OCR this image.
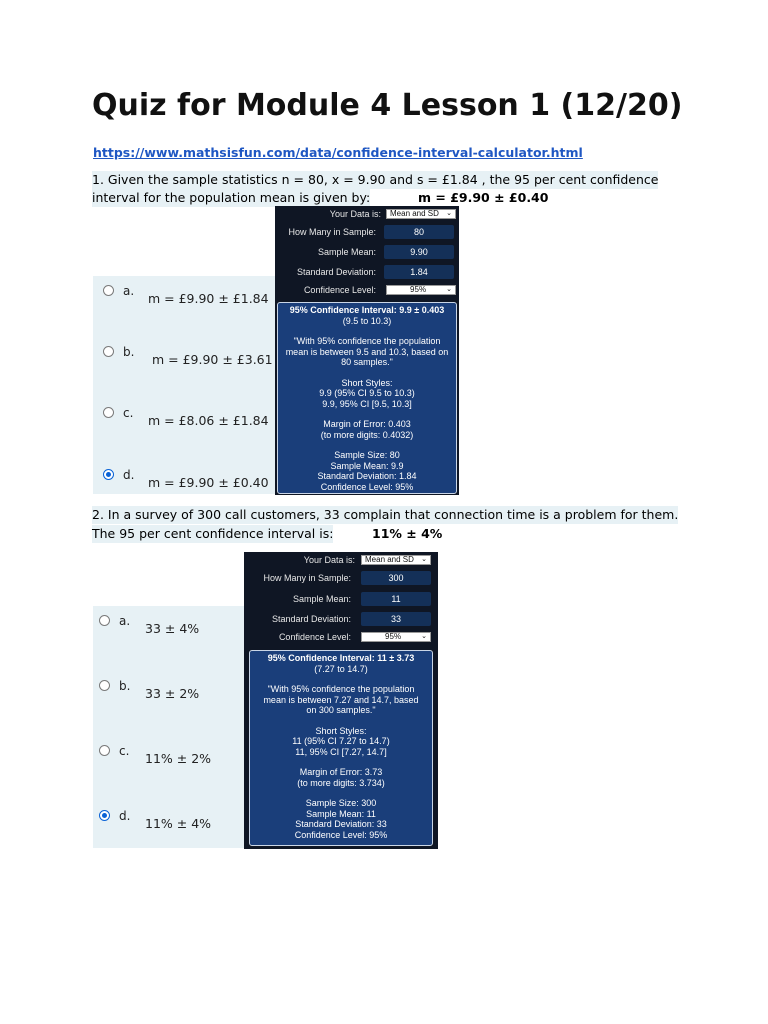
Quiz for Module 4 Lesson 1 (12/20)
https://www.mathsisfun.com/data/confidence-interval-calculator.html
1. Given the sample statistics n = 80, x = 9.90 and s = £1.84 , the 95 per cent confidence
interval for the population mean is given by:	m = £9.90 ± £0.40
a. m = £9.90 ± £1.84
b. m = £9.90 ± £3.61
c. m = £8.06 ± £1.84
d. m = £9.90 ± £0.40
Your Data is: Mean and SD ⌄
How Many in Sample:	80
Sample Mean:	9.90
Standard Deviation:	1.84
Confidence Level:	95%	⌄
95% Confidence Interval: 9.9 ± 0.403
(9.5 to 10.3)
"With 95% confidence the population
mean is between 9.5 and 10.3, based on
80 samples."
Short Styles:
9.9 (95% CI 9.5 to 10.3)
9.9, 95% CI [9.5, 10.3]
Margin of Error: 0.403
(to more digits: 0.4032)
Sample Size: 80
Sample Mean: 9.9
Standard Deviation: 1.84
Confidence Level: 95%
2. In a survey of 300 call customers, 33 complain that connection time is a problem for them.
The 95 per cent confidence interval is:	11% ± 4%
a. 33 ± 4%
b. 33 ± 2%
c. 11% ± 2%
d. 11% ± 4%
Your Data is: Mean and SD ⌄
How Many in Sample:	300
Sample Mean:	11
Standard Deviation:	33
Confidence Level:	95%	⌄
95% Confidence Interval: 11 ± 3.73
(7.27 to 14.7)
"With 95% confidence the population
mean is between 7.27 and 14.7, based
on 300 samples."
Short Styles:
11 (95% CI 7.27 to 14.7)
11, 95% CI [7.27, 14.7]
Margin of Error: 3.73
(to more digits: 3.734)
Sample Size: 300
Sample Mean: 11
Standard Deviation: 33
Confidence Level: 95%
